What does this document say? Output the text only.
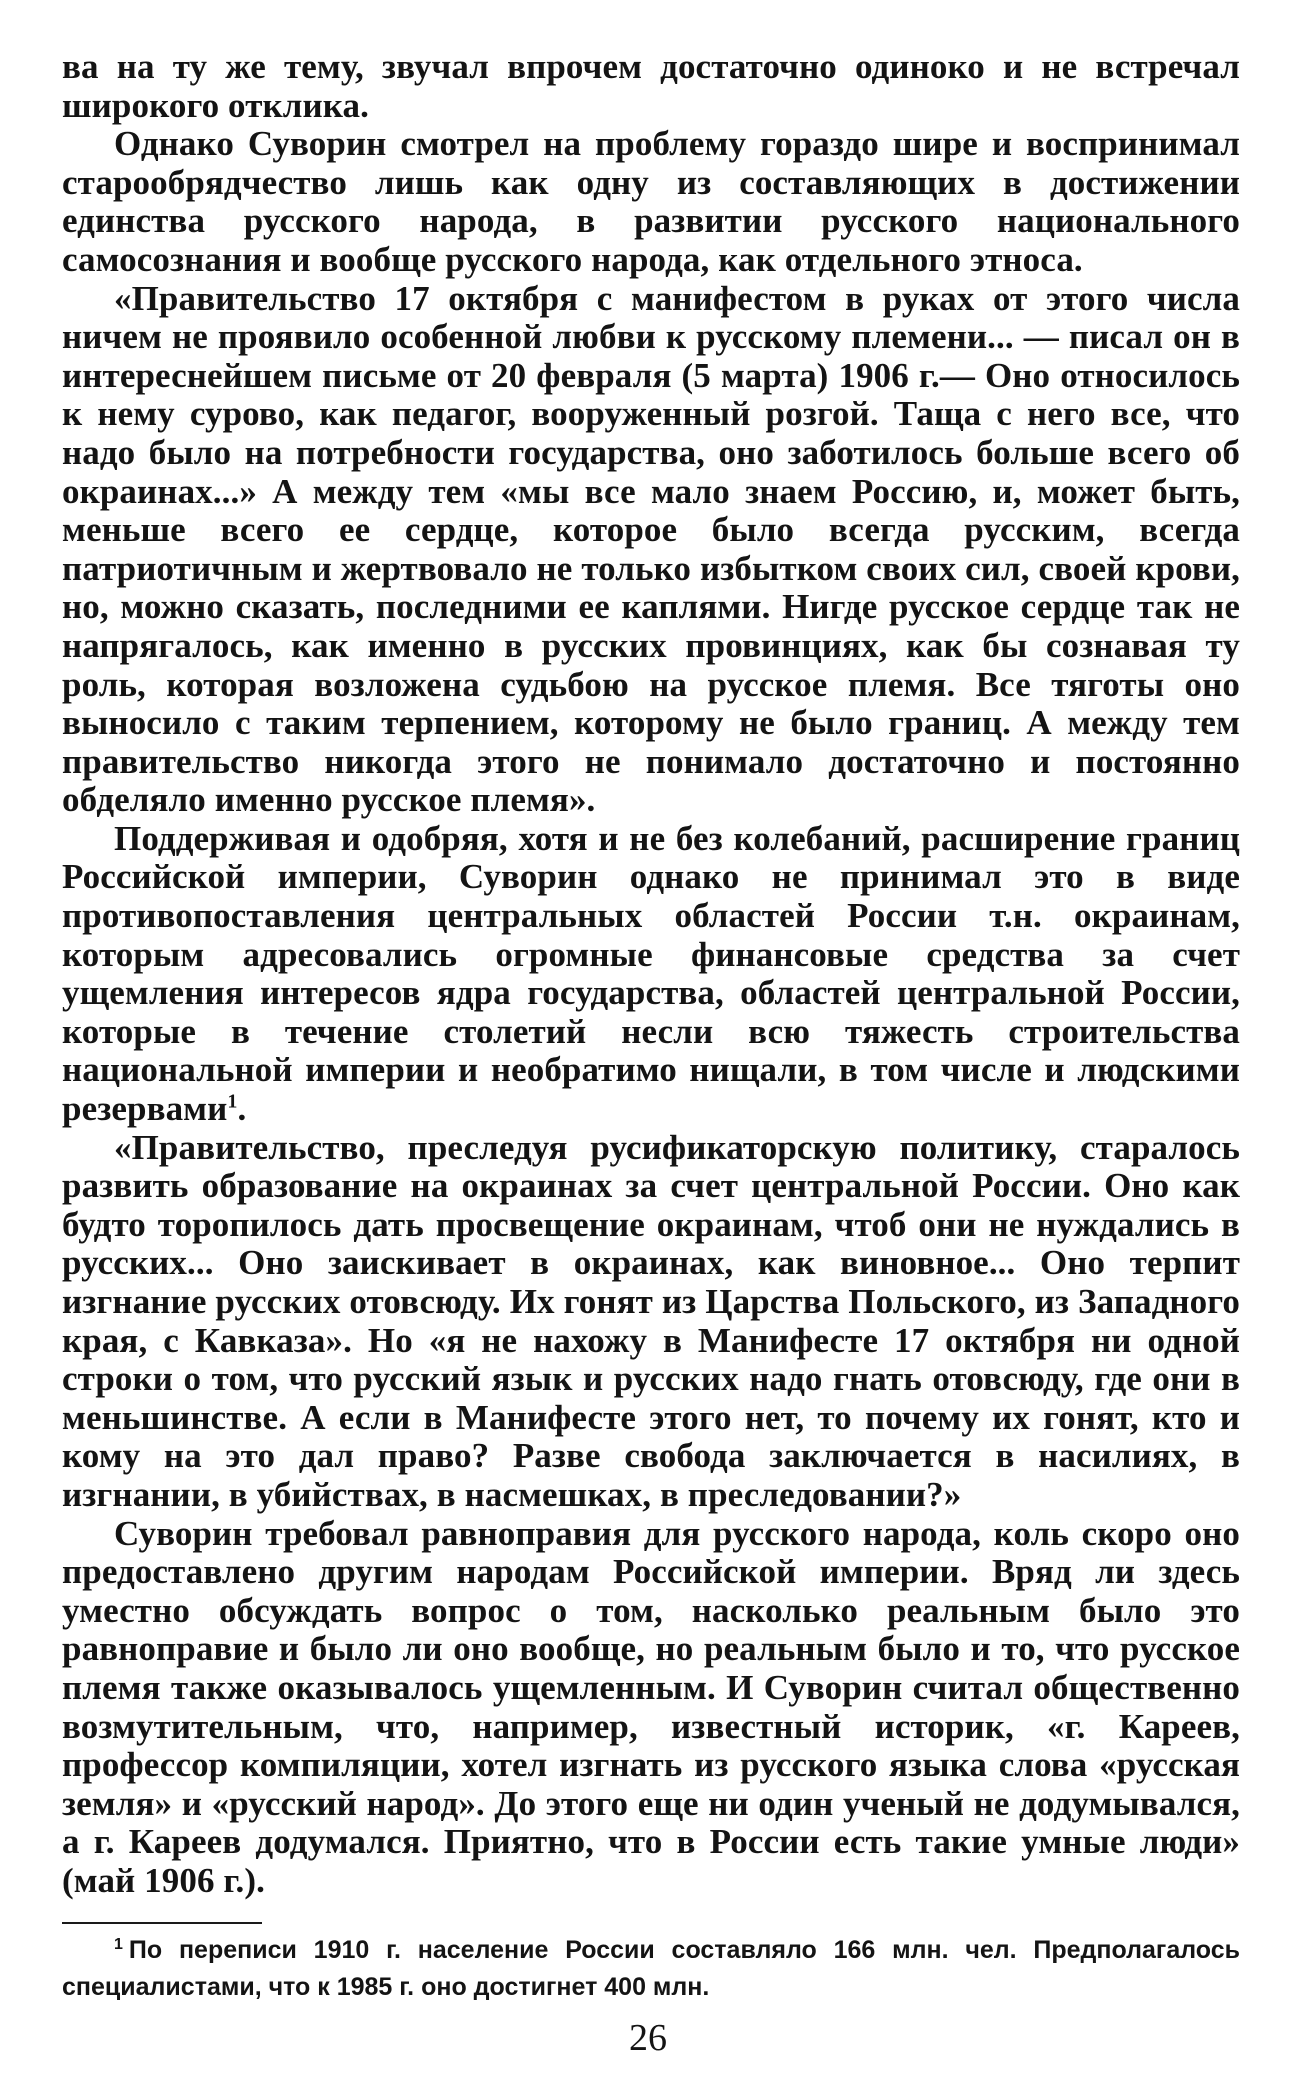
ва на ту же тему, звучал впрочем достаточно одиноко и не встречал широкого отклика.

Однако Суворин смотрел на проблему гораздо шире и воспринимал старообрядчество лишь как одну из составляющих в достижении единства русского народа, в развитии русского национального самосознания и вообще русского народа, как отдельного этноса.

«Правительство 17 октября с манифестом в руках от этого числа ничем не проявило особенной любви к русскому племени... — писал он в интереснейшем письме от 20 февраля (5 марта) 1906 г.— Оно относилось к нему сурово, как педагог, вооруженный розгой. Таща с него все, что надо было на потребности государства, оно заботилось больше всего об окраинах...» А между тем «мы все мало знаем Россию, и, может быть, меньше всего ее сердце, которое было всегда русским, всегда патриотичным и жертвовало не только избытком своих сил, своей крови, но, можно сказать, последними ее каплями. Нигде русское сердце так не напрягалось, как именно в русских провинциях, как бы сознавая ту роль, которая возложена судьбою на русское племя. Все тяготы оно выносило с таким терпением, которому не было границ. А между тем правительство никогда этого не понимало достаточно и постоянно обделяло именно русское племя».

Поддерживая и одобряя, хотя и не без колебаний, расширение границ Российской империи, Суворин однако не принимал это в виде противопоставления центральных областей России т.н. окраинам, которым адресовались огромные финансовые средства за счет ущемления интересов ядра государства, областей центральной России, которые в течение столетий несли всю тяжесть строительства национальной империи и необратимо нищали, в том числе и людскими резервами$^1$.

«Правительство, преследуя русификаторскую политику, старалось развить образование на окраинах за счет центральной России. Оно как будто торопилось дать просвещение окраинам, чтоб они не нуждались в русских... Оно заискивает в окраинах, как виновное... Оно терпит изгнание русских отовсюду. Их гонят из Царства Польского, из Западного края, с Кавказа». Но «я не нахожу в Манифесте 17 октября ни одной строки о том, что русский язык и русских надо гнать отовсюду, где они в меньшинстве. А если в Манифесте этого нет, то почему их гонят, кто и кому на это дал право? Разве свобода заключается в насилиях, в изгнании, в убийствах, в насмешках, в преследовании?»

Суворин требовал равноправия для русского народа, коль скоро оно предоставлено другим народам Российской империи. Вряд ли здесь уместно обсуждать вопрос о том, насколько реальным было это равноправие и было ли оно вообще, но реальным было и то, что русское племя также оказывалось ущемленным. И Суворин считал общественно возмутительным, что, например, известный историк, «г. Кареев, профессор компиляции, хотел изгнать из русского языка слова «русская земля» и «русский народ». До этого еще ни один ученый не додумывался, а г. Кареев додумался. Приятно, что в России есть такие умные люди» (май 1906 г.).

$^1$ По переписи 1910 г. население России составляло 166 млн. чел. Предполагалось специалистами, что к 1985 г. оно достигнет 400 млн.
26
